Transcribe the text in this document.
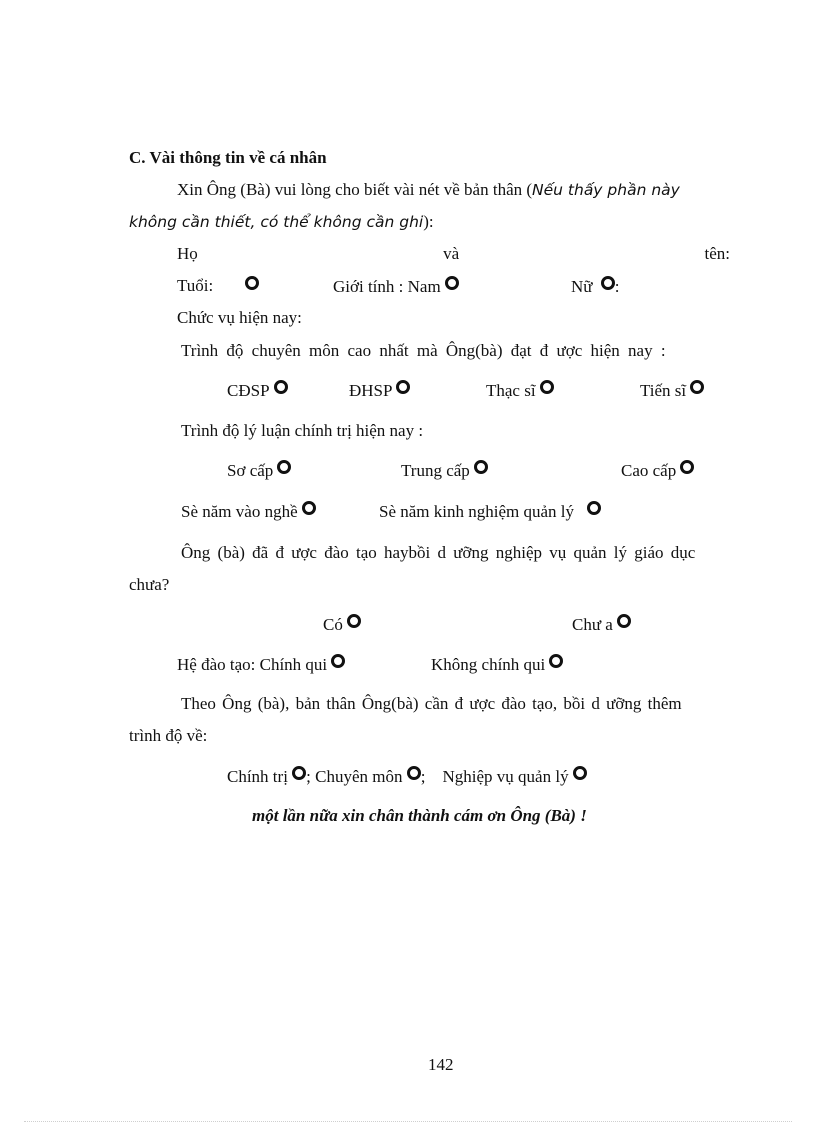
C. Vài thông tin về cá nhân
Xin Ông (Bà) vui lòng cho biết vài nét về bản thân (Nếu thấy phần này
không cần thiết, có thể không cần ghi):
Họ	và	tên:
Tuổi:	Giới tính : Nam	Nữ :
Chức vụ hiện nay:
Trình độ chuyên môn cao nhất mà Ông(bà) đạt đ ược hiện nay :
CĐSP	ĐHSP	Thạc sĩ	Tiến sĩ
Trình độ lý luận chính trị hiện nay :
Sơ cấp	Trung cấp	Cao cấp
Sè năm vào nghề	Sè năm kinh nghiệm quản lý
Ông (bà) đã đ ược đào tạo haybồi d ưỡng nghiệp vụ quản lý giáo dục
chưa?
Có	Chư a
Hệ đào tạo: Chính qui	Không chính qui
Theo Ông (bà), bản thân Ông(bà) cần đ ược đào tạo, bồi d ưỡng thêm
trình độ về:
Chính trị ; Chuyên môn ; Nghiệp vụ quản lý
một lần nữa xin chân thành cám ơn Ông (Bà) !
142
